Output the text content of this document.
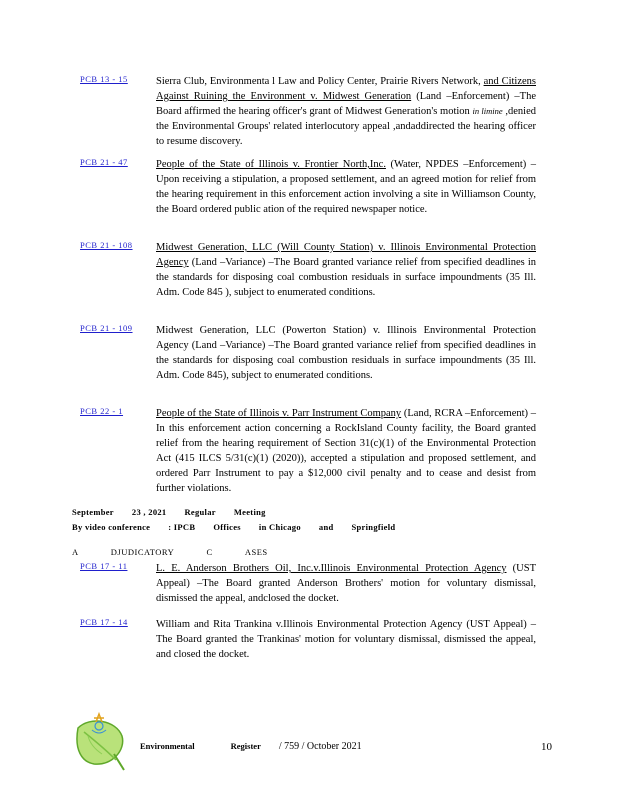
PCB 13 - 15	Sierra Club, Environmenta l Law and Policy Center, Prairie Rivers Network, and Citizens Against Ruining the Environment v. Midwest Generation (Land –Enforcement) –The Board affirmed the hearing officer's grant of Midwest Generation's motion in limine ,denied the Environmental Groups' related interlocutory appeal ,andaddirected the hearing officer to resume discovery.
PCB 21 - 47	People of the State of Illinois v. Frontier North,Inc. (Water, NPDES –Enforcement) –Upon receiving a stipulation, a proposed settlement, and an agreed motion for relief from the hearing requirement in this enforcement action involving a site in Williamson County, the Board ordered public ation of the required newspaper notice.
PCB 21 - 108	Midwest Generation, LLC (Will County Station) v. Illinois Environmental Protection Agency (Land –Variance) –The Board granted variance relief from specified deadlines in the standards for disposing coal combustion residuals in surface impoundments (35 Ill. Adm. Code 845 ), subject to enumerated conditions.
PCB 21 - 109	Midwest Generation, LLC (Powerton Station) v. Illinois Environmental Protection Agency (Land –Variance) –The Board granted variance relief from specified deadlines in the standards for disposing coal combustion residuals in surface impoundments (35 Ill. Adm. Code 845), subject to enumerated conditions.
PCB 22 - 1	People of the State of Illinois v. Parr Instrument Company (Land, RCRA –Enforcement) –In this enforcement action concerning a RockIsland County facility, the Board granted relief from the hearing requirement of Section 31(c)(1) of the Environmental Protection Act (415 ILCS 5/31(c)(1) (2020)), accepted a stipulation and proposed settlement, and ordered Parr Instrument to pay a $12,000 civil penalty and to cease and desist from further violations.
September 23 , 2021 Regular Meeting
By video conference : IPCB Offices in Chicago and Springfield
A DJUDICATORY C ASES
PCB 17 - 11	L. E. Anderson Brothers Oil, Inc.v.Illinois Environmental Protection Agency (UST Appeal) –The Board granted Anderson Brothers' motion for voluntary dismissal, dismissed the appeal, andclosed the docket.
PCB 17 - 14	William and Rita Trankina v.Illinois Environmental Protection Agency (UST Appeal) –The Board granted the Trankinas' motion for voluntary dismissal, dismissed the appeal, and closed the docket.
Environmental	Register / 759 / October 2021	10
